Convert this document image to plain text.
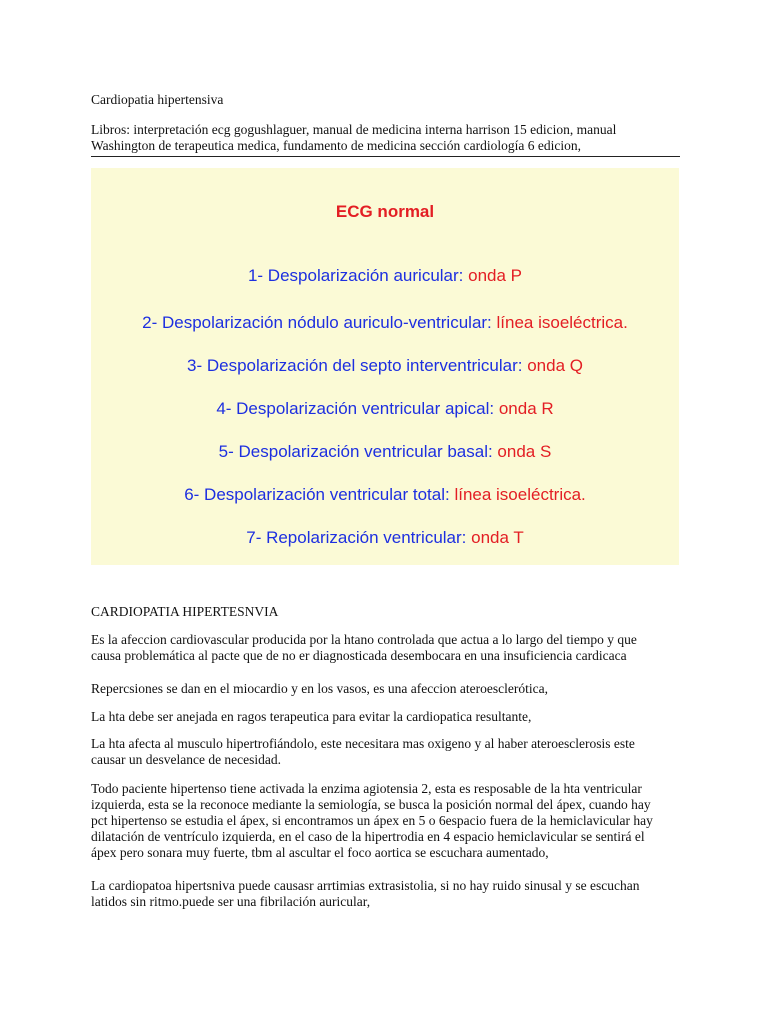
Cardiopatia hipertensiva
Libros: interpretación ecg gogushlaguer, manual de medicina interna harrison 15 edicion, manual
Washington de terapeutica medica, fundamento de medicina sección cardiología 6 edicion,
ECG normal
1- Despolarización auricular: onda P
2- Despolarización nódulo auriculo-ventricular: línea isoeléctrica.
3- Despolarización del septo interventricular: onda Q
4- Despolarización ventricular apical: onda R
5- Despolarización ventricular basal: onda S
6- Despolarización ventricular total: línea isoeléctrica.
7- Repolarización ventricular: onda T
CARDIOPATIA HIPERTESNVIA
Es la afeccion cardiovascular producida por la htano controlada que actua a lo largo del tiempo y que
causa problemática al pacte que de no er diagnosticada desembocara en una insuficiencia cardicaca
Repercsiones se dan en el miocardio y en los vasos, es una afeccion ateroesclerótica,
La hta debe ser anejada en ragos terapeutica para evitar la cardiopatica resultante,
La hta afecta al musculo hipertrofiándolo, este necesitara mas oxigeno y al haber ateroesclerosis este
causar un desvelance de necesidad.
Todo paciente hipertenso tiene activada la enzima agiotensia 2, esta es resposable de la hta ventricular
izquierda, esta se la reconoce mediante la semiología, se busca la posición normal del ápex, cuando hay
pct hipertenso se estudia el ápex, si encontramos un ápex en 5 o 6espacio fuera de la hemiclavicular hay
dilatación de ventrículo izquierda, en el caso de la hipertrodia en 4 espacio hemiclavicular se sentirá el
ápex pero sonara muy fuerte, tbm al ascultar el foco aortica se escuchara aumentado,
La cardiopatoa hipertsniva puede causasr arrtimias extrasistolia, si no hay ruido sinusal y se escuchan
latidos sin ritmo.puede ser una fibrilación auricular,
